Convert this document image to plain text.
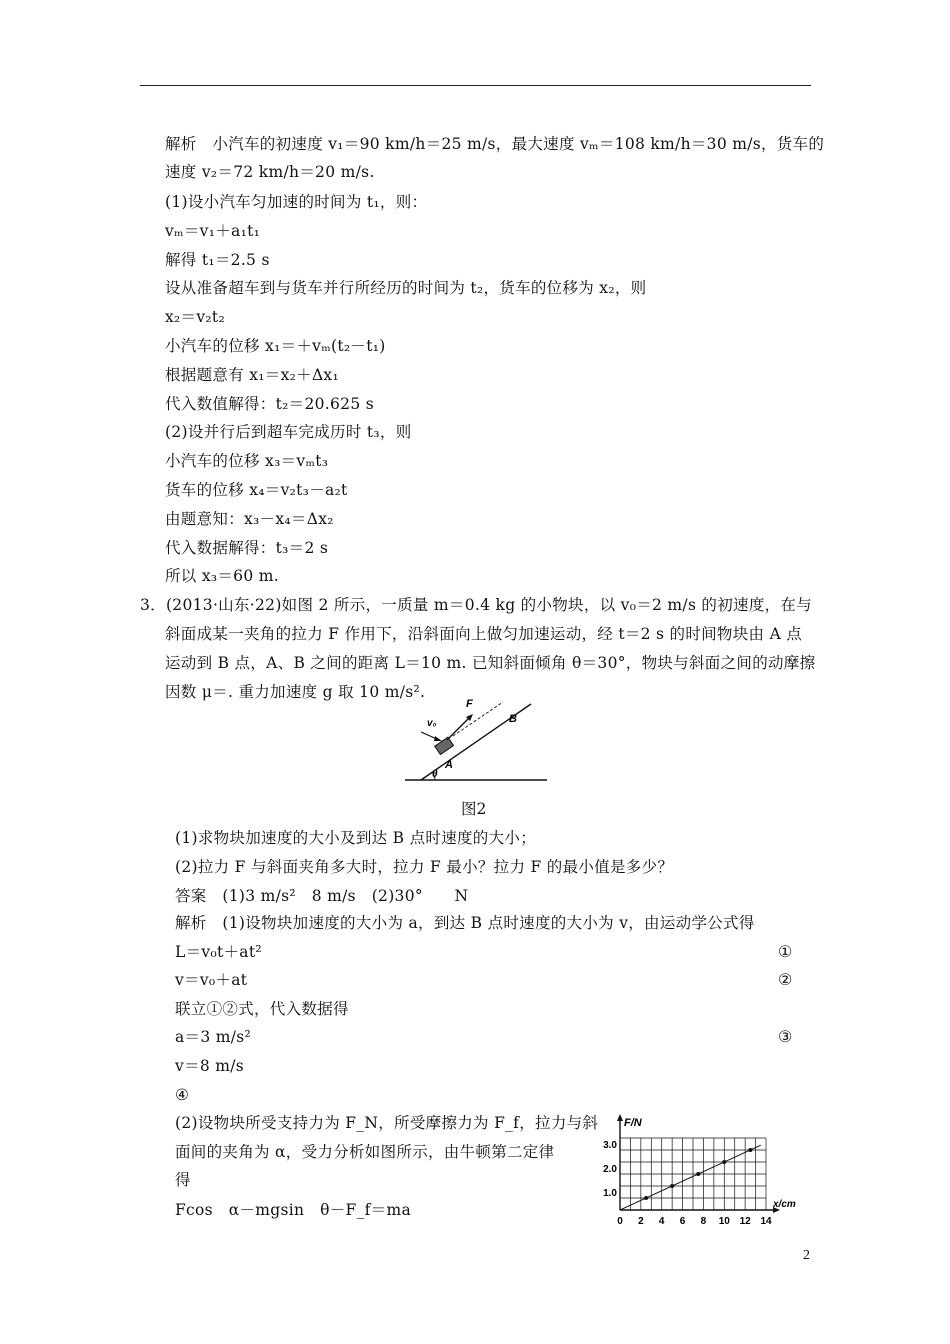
解析　小汽车的初速度 v₁＝90 km/h＝25 m/s，最大速度 vₘ＝108 km/h＝30 m/s，货车的
速度 v₂＝72 km/h＝20 m/s.
(1)设小汽车匀加速的时间为 t₁，则：
vₘ＝v₁＋a₁t₁
解得 t₁＝2.5 s
设从准备超车到与货车并行所经历的时间为 t₂，货车的位移为 x₂，则
x₂＝v₂t₂
小汽车的位移 x₁＝＋vₘ(t₂－t₁)
根据题意有 x₁＝x₂＋Δx₁
代入数值解得：t₂＝20.625 s
(2)设并行后到超车完成历时 t₃，则
小汽车的位移 x₃＝vₘt₃
货车的位移 x₄＝v₂t₃－a₂t
由题意知：x₃－x₄＝Δx₂
代入数据解得：t₃＝2 s
所以 x₃＝60 m.
3．(2013·山东·22)如图 2 所示，一质量 m＝0.4 kg 的小物块，以 v₀＝2 m/s 的初速度，在与
斜面成某一夹角的拉力 F 作用下，沿斜面向上做匀加速运动，经 t＝2 s 的时间物块由 A 点
运动到 B 点，A、B 之间的距离 L＝10 m. 已知斜面倾角 θ＝30°，物块与斜面之间的动摩擦
因数 μ＝. 重力加速度 g 取 10 m/s².
F
B
A
v₀
θ
图2
(1)求物块加速度的大小及到达 B 点时速度的大小；
(2)拉力 F 与斜面夹角多大时，拉力 F 最小？拉力 F 的最小值是多少？
答案　(1)3 m/s²　8 m/s　(2)30°　　N
解析　(1)设物块加速度的大小为 a，到达 B 点时速度的大小为 v，由运动学公式得
L＝v₀t＋at²	①
v＝v₀＋at	②
联立①②式，代入数据得
a＝3 m/s²	③
v＝8 m/s
④
(2)设物块所受支持力为 F_N，所受摩擦力为 F_f，拉力与斜
面间的夹角为 α，受力分析如图所示，由牛顿第二定律
得
Fcos　α－mgsin　θ－F_f＝ma
F/N
x/cm
3.0
2.0
1.0
0 2 4 6 8 10 12 14
2
